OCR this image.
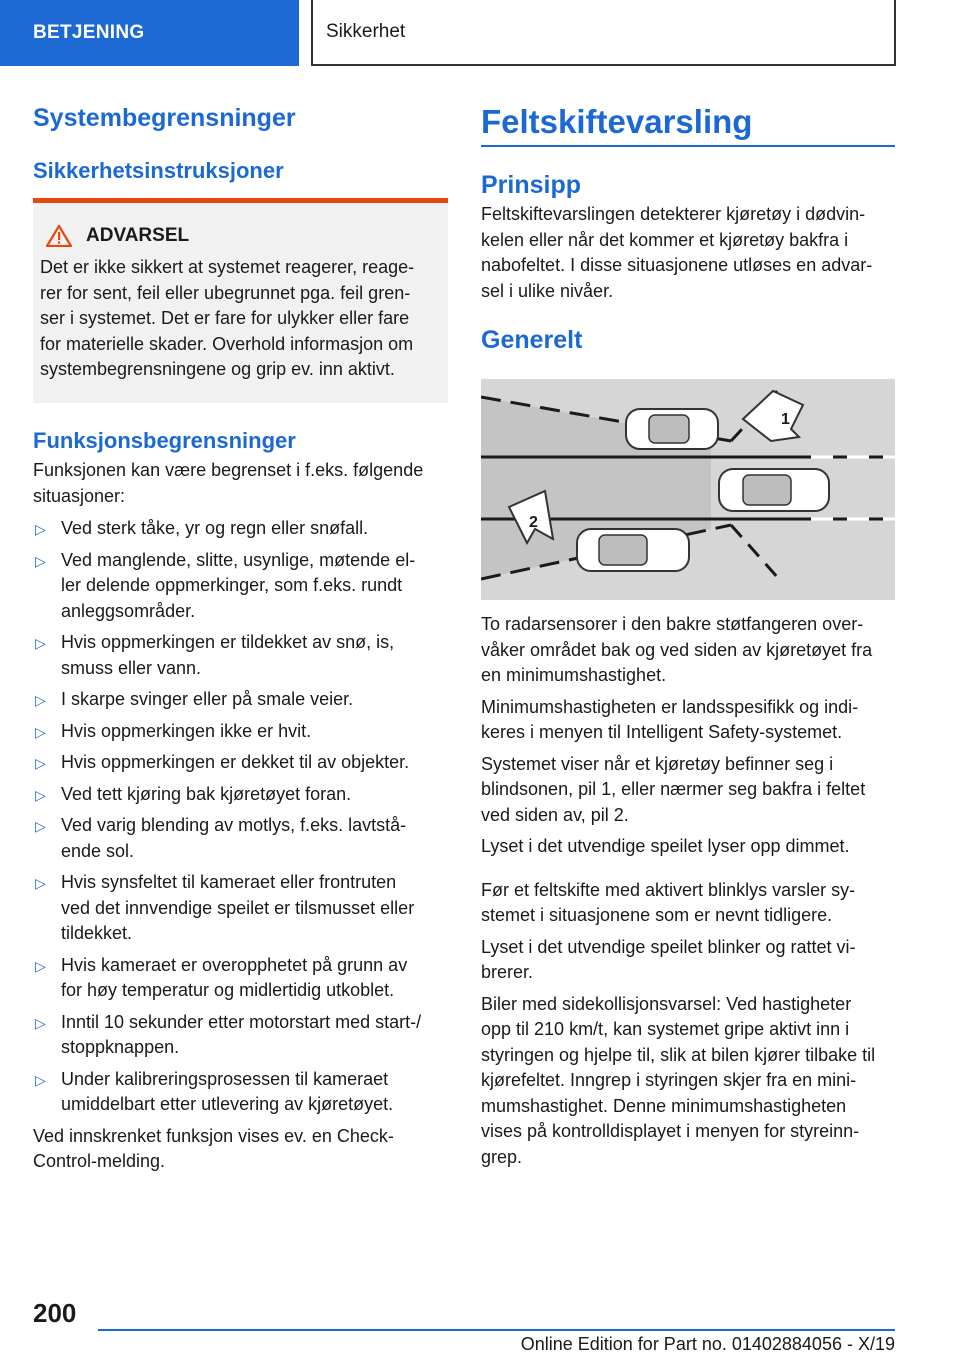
BETJENING	Sikkerhet
Systembegrensninger
Sikkerhetsinstruksjoner
ADVARSEL

Det er ikke sikkert at systemet reagerer, reage-

rer for sent, feil eller ubegrunnet pga. feil gren-

ser i systemet. Det er fare for ulykker eller fare

for materielle skader. Overhold informasjon om

systembegrensningene og grip ev. inn aktivt.

Funksjonsbegrensninger

Funksjonen kan være begrenset i f.eks. følgende

situasjoner:

▷ Ved sterk tåke, yr og regn eller snøfall.
▷ Ved manglende, slitte, usynlige, møtende el-
ler delende oppmerkinger, som f.eks. rundt
anleggsområder.
▷ Hvis oppmerkingen er tildekket av snø, is,
smuss eller vann.
▷ I skarpe svinger eller på smale veier.
▷ Hvis oppmerkingen ikke er hvit.
▷ Hvis oppmerkingen er dekket til av objekter.
▷ Ved tett kjøring bak kjøretøyet foran.
▷ Ved varig blending av motlys, f.eks. lavtstå-
ende sol.
▷ Hvis synsfeltet til kameraet eller frontruten
ved det innvendige speilet er tilsmusset eller
tildekket.
▷ Hvis kameraet er overopphetet på grunn av
for høy temperatur og midlertidig utkoblet.
▷ Inntil 10 sekunder etter motorstart med start-/
stoppknappen.
▷ Under kalibreringsprosessen til kameraet
umiddelbart etter utlevering av kjøretøyet.

Ved innskrenket funksjon vises ev. en Check-

Control-melding.

Feltskiftevarsling
Prinsipp

Feltskiftevarslingen detekterer kjøretøy i dødvin-

kelen eller når det kommer et kjøretøy bakfra i

nabofeltet. I disse situasjonene utløses en advar-

sel i ulike nivåer.

Generelt
1
2

To radarsensorer i den bakre støtfangeren over-

våker området bak og ved siden av kjøretøyet fra

en minimumshastighet.

Minimumshastigheten er landsspesifikk og indi-

keres i menyen til Intelligent Safety-systemet.

Systemet viser når et kjøretøy befinner seg i

blindsonen, pil 1, eller nærmer seg bakfra i feltet

ved siden av, pil 2.

Lyset i det utvendige speilet lyser opp dimmet.

Før et feltskifte med aktivert blinklys varsler sy-

stemet i situasjonene som er nevnt tidligere.

Lyset i det utvendige speilet blinker og rattet vi-

brerer.

Biler med sidekollisjonsvarsel: Ved hastigheter

opp til 210 km/t, kan systemet gripe aktivt inn i

styringen og hjelpe til, slik at bilen kjører tilbake til

kjørefeltet. Inngrep i styringen skjer fra en mini-

mumshastighet. Denne minimumshastigheten

vises på kontrolldisplayet i menyen for styreinn-

grep.

200
Online Edition for Part no. 01402884056 - X/19
